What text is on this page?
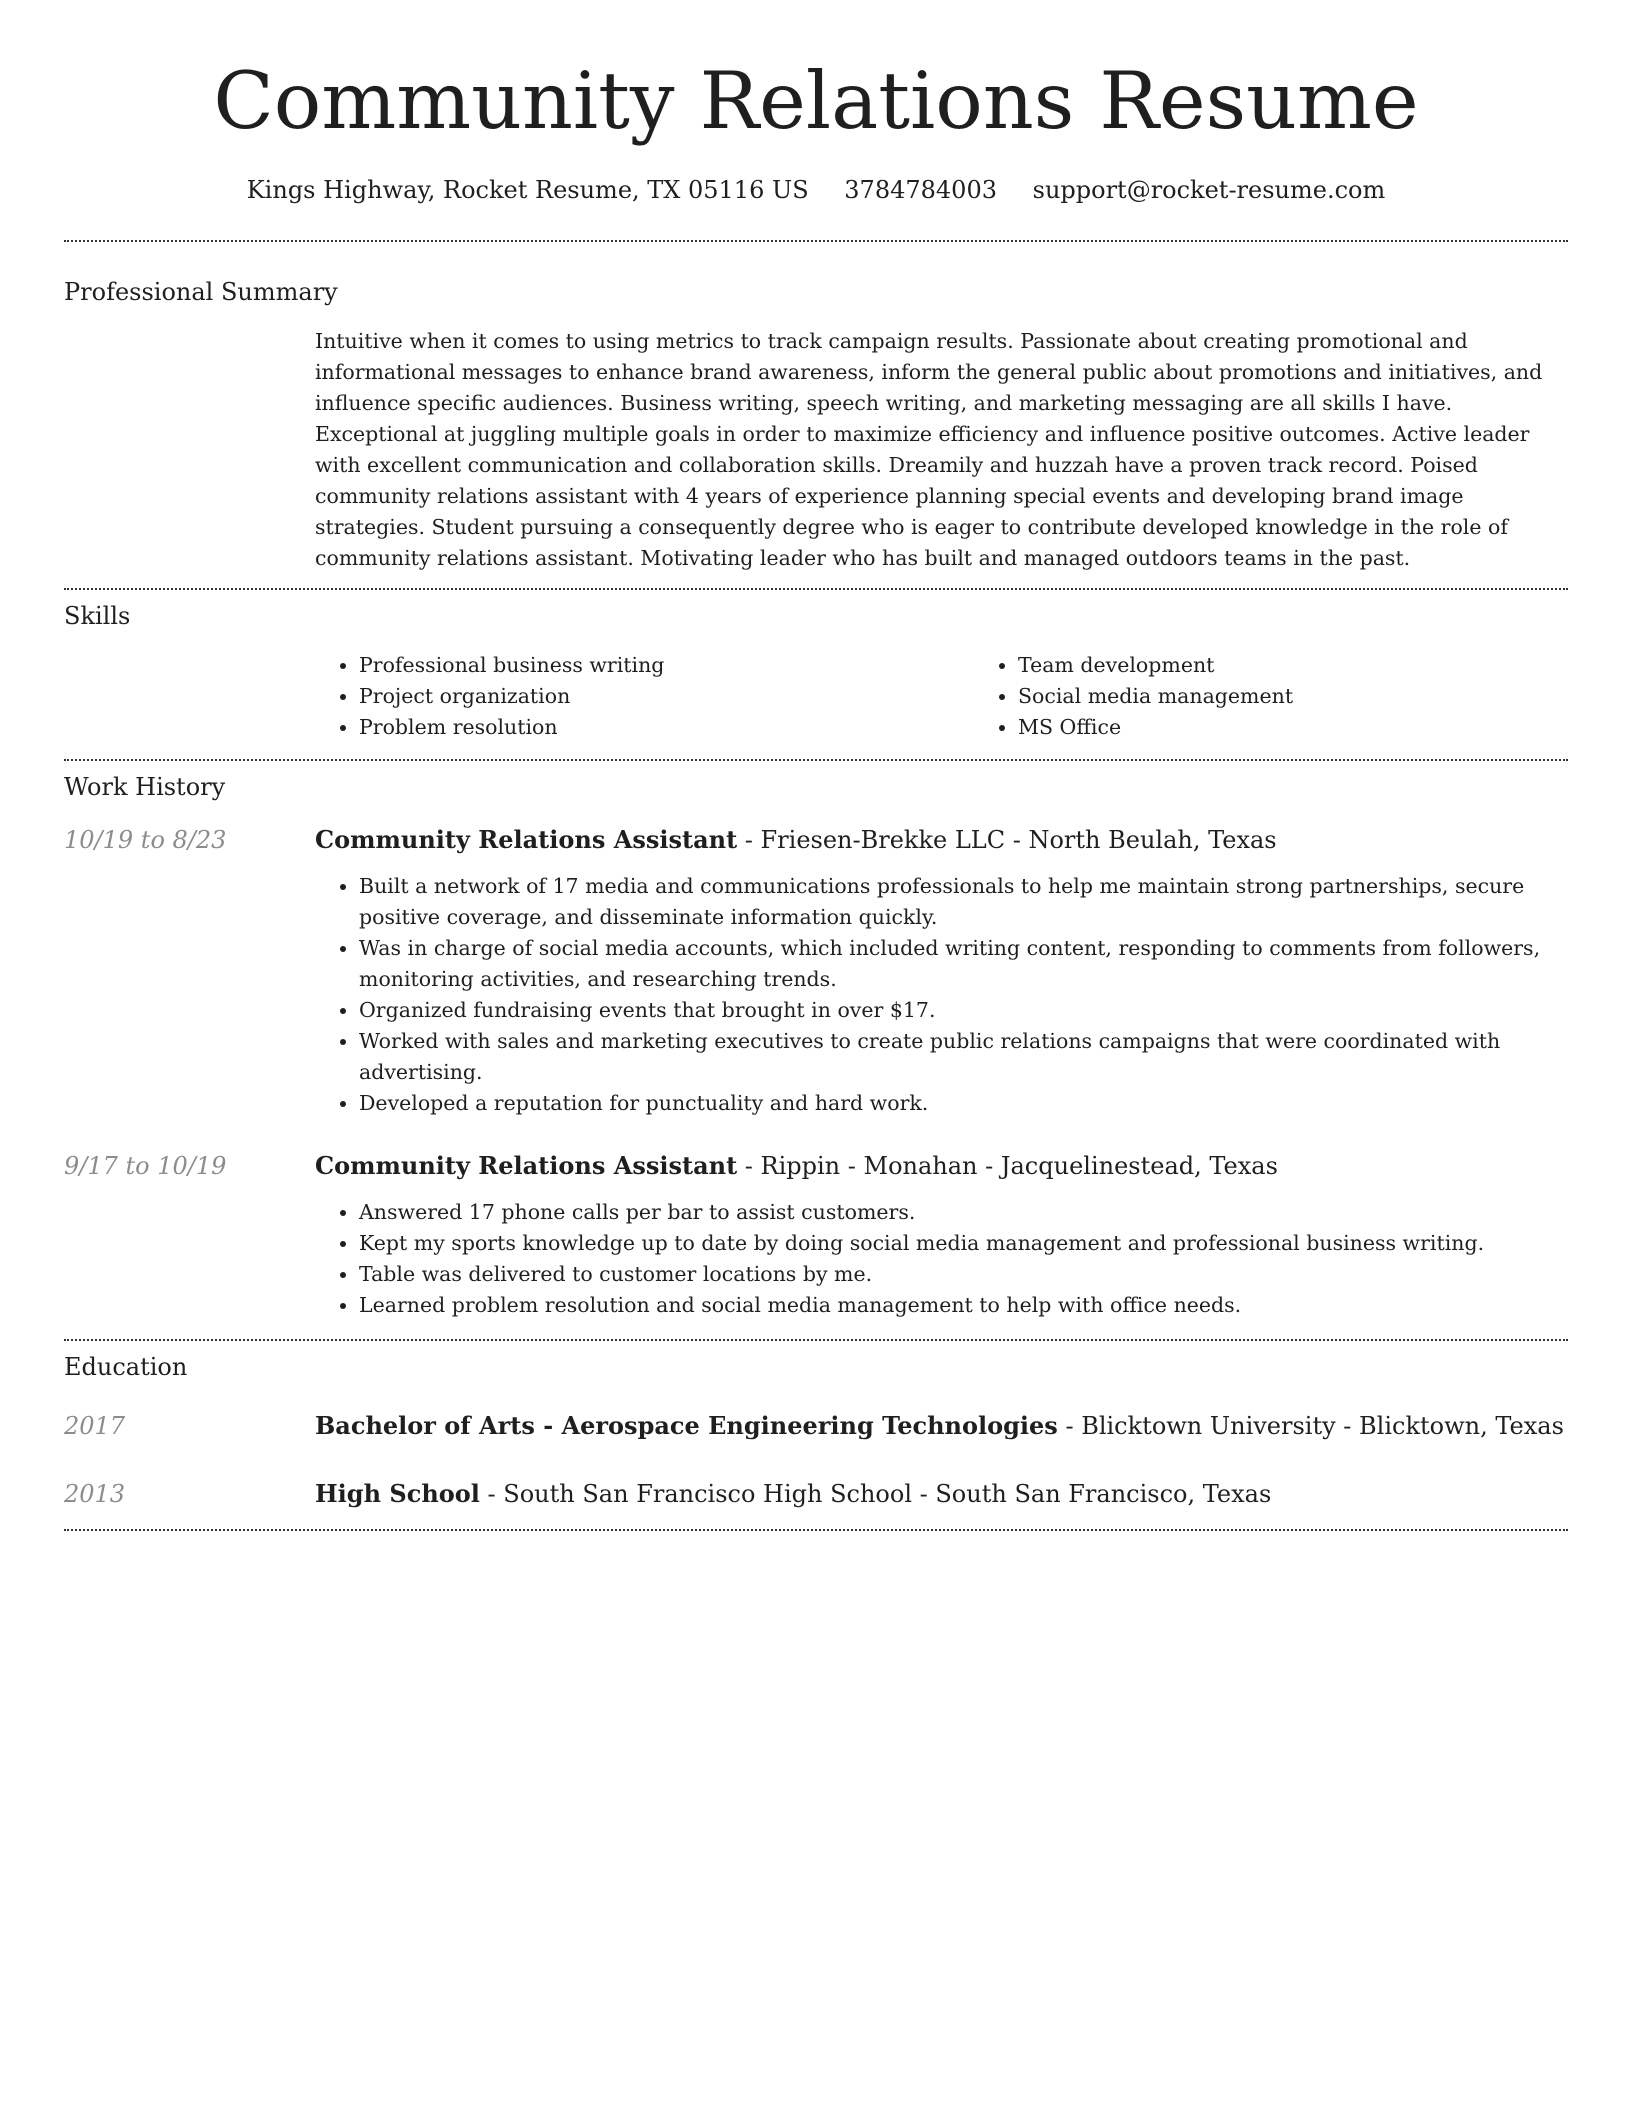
Community Relations Resume
Kings Highway, Rocket Resume, TX 05116 US 3784784003 support@rocket-resume.com
Professional Summary

Intuitive when it comes to using metrics to track campaign results. Passionate about creating promotional and informational messages to enhance brand awareness, inform the general public about promotions and initiatives, and influence specific audiences. Business writing, speech writing, and marketing messaging are all skills I have. Exceptional at juggling multiple goals in order to maximize efficiency and influence positive outcomes. Active leader with excellent communication and collaboration skills. Dreamily and huzzah have a proven track record. Poised community relations assistant with 4 years of experience planning special events and developing brand image strategies. Student pursuing a consequently degree who is eager to contribute developed knowledge in the role of community relations assistant. Motivating leader who has built and managed outdoors teams in the past.

Skills
• Professional business writing
• Project organization
• Problem resolution
• Team development
• Social media management
• MS Office
Work History
10/19 to 8/23	Community Relations Assistant - Friesen-Brekke LLC - North Beulah, Texas
• Built a network of 17 media and communications professionals to help me maintain strong partnerships, secure positive coverage, and disseminate information quickly.
• Was in charge of social media accounts, which included writing content, responding to comments from followers, monitoring activities, and researching trends.
• Organized fundraising events that brought in over $17.
• Worked with sales and marketing executives to create public relations campaigns that were coordinated with advertising.
• Developed a reputation for punctuality and hard work.
9/17 to 10/19	Community Relations Assistant - Rippin - Monahan - Jacquelinestead, Texas
• Answered 17 phone calls per bar to assist customers.
• Kept my sports knowledge up to date by doing social media management and professional business writing.
• Table was delivered to customer locations by me.
• Learned problem resolution and social media management to help with office needs.
Education
2017	Bachelor of Arts - Aerospace Engineering Technologies - Blicktown University - Blicktown, Texas
2013	High School - South San Francisco High School - South San Francisco, Texas
